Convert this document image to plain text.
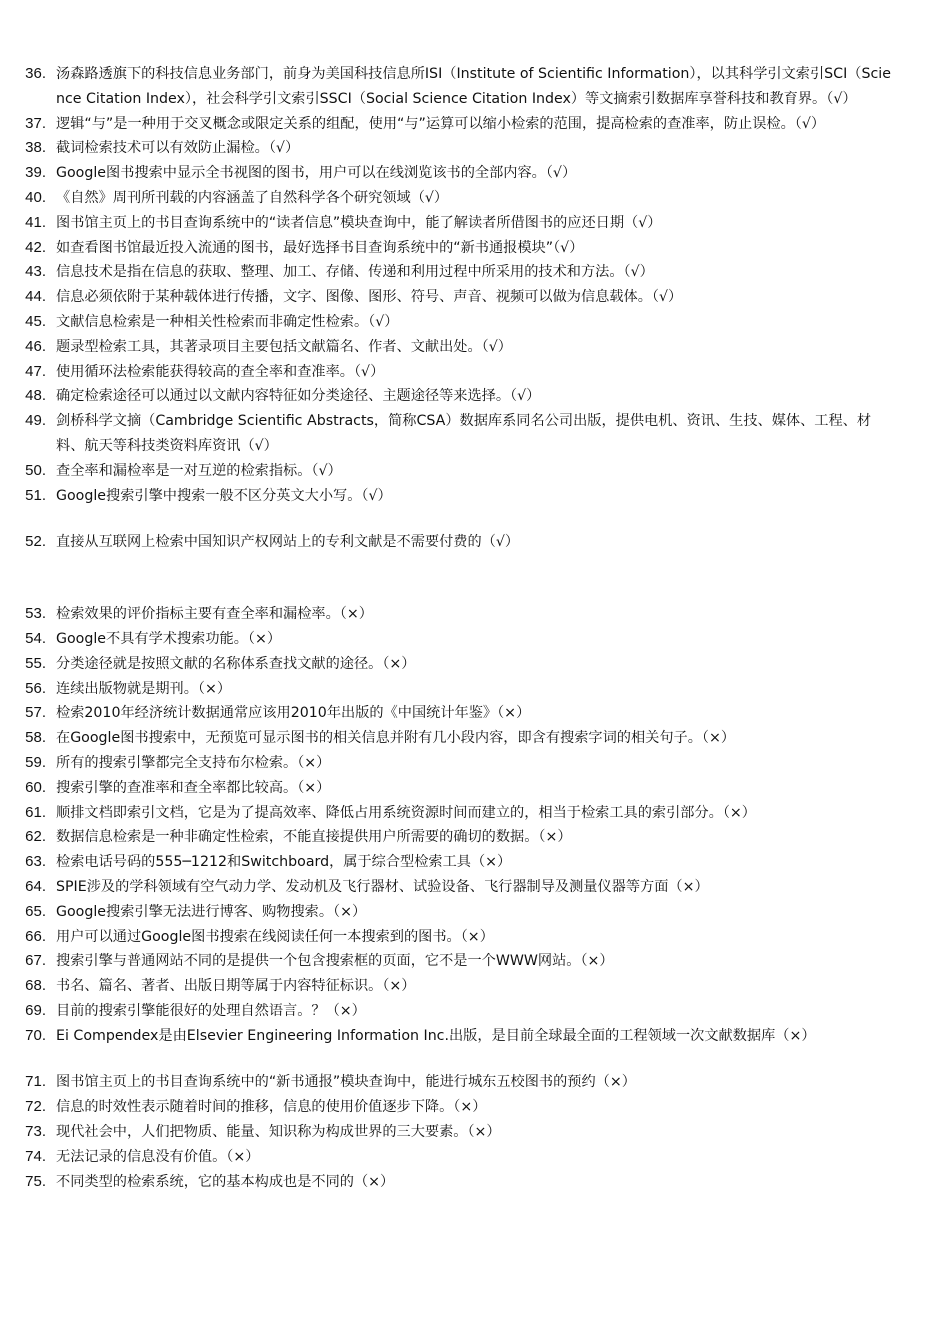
36. 汤森路透旗下的科技信息业务部门，前身为美国科技信息所ISI（Institute of Scientific Information），以其科学引文索引SCI（Science Citation Index），社会科学引文索引SSCI（Social Science Citation Index）等文摘索引数据库享誉科技和教育界。（√）
37. 逻辑“与”是一种用于交叉概念或限定关系的组配，使用“与”运算可以缩小检索的范围，提高检索的查准率，防止误检。（√）
38. 截词检索技术可以有效防止漏检。（√）
39. Google图书搜索中显示全书视图的图书，用户可以在线浏览该书的全部内容。（√）
40. 《自然》周刊所刊载的内容涵盖了自然科学各个研究领域（√）
41. 图书馆主页上的书目查询系统中的“读者信息”模块查询中，能了解读者所借图书的应还日期（√）
42. 如查看图书馆最近投入流通的图书，最好选择书目查询系统中的“新书通报模块”（√）
43. 信息技术是指在信息的获取、整理、加工、存储、传递和利用过程中所采用的技术和方法。（√）
44. 信息必须依附于某种载体进行传播，文字、图像、图形、符号、声音、视频可以做为信息载体。（√）
45. 文献信息检索是一种相关性检索而非确定性检索。（√）
46. 题录型检索工具，其著录项目主要包括文献篇名、作者、文献出处。（√）
47. 使用循环法检索能获得较高的查全率和查准率。（√）
48. 确定检索途径可以通过以文献内容特征如分类途径、主题途径等来选择。（√）
49. 剑桥科学文摘（Cambridge Scientific Abstracts，简称CSA）数据库系同名公司出版，提供电机、资讯、生技、媒体、工程、材料、航天等科技类资料库资讯（√）
50. 查全率和漏检率是一对互逆的检索指标。（√）
51. Google搜索引擎中搜索一般不区分英文大小写。（√）
52. 直接从互联网上检索中国知识产权网站上的专利文献是不需要付费的（√）
53. 检索效果的评价指标主要有查全率和漏检率。（×）
54. Google不具有学术搜索功能。（×）
55. 分类途径就是按照文献的名称体系查找文献的途径。（×）
56. 连续出版物就是期刊。（×）
57. 检索2010年经济统计数据通常应该用2010年出版的《中国统计年鉴》（×）
58. 在Google图书搜索中，无预览可显示图书的相关信息并附有几小段内容，即含有搜索字词的相关句子。（×）
59. 所有的搜索引擎都完全支持布尔检索。（×）
60. 搜索引擎的查准率和查全率都比较高。（×）
61. 顺排文档即索引文档，它是为了提高效率、降低占用系统资源时间而建立的，相当于检索工具的索引部分。（×）
62. 数据信息检索是一种非确定性检索，不能直接提供用户所需要的确切的数据。（×）
63. 检索电话号码的555─1212和Switchboard，属于综合型检索工具（×）
64. SPIE涉及的学科领域有空气动力学、发动机及飞行器材、试验设备、飞行器制导及测量仪器等方面（×）
65. Google搜索引擎无法进行博客、购物搜索。（×）
66. 用户可以通过Google图书搜索在线阅读任何一本搜索到的图书。（×）
67. 搜索引擎与普通网站不同的是提供一个包含搜索框的页面，它不是一个WWW网站。（×）
68. 书名、篇名、著者、出版日期等属于内容特征标识。（×）
69. 目前的搜索引擎能很好的处理自然语言。？（×）
70. Ei Compendex是由Elsevier Engineering Information Inc.出版，是目前全球最全面的工程领域一次文献数据库（×）
71. 图书馆主页上的书目查询系统中的“新书通报”模块查询中，能进行城东五校图书的预约（×）
72. 信息的时效性表示随着时间的推移，信息的使用价值逐步下降。（×）
73. 现代社会中，人们把物质、能量、知识称为构成世界的三大要素。（×）
74. 无法记录的信息没有价值。（×）
75. 不同类型的检索系统，它的基本构成也是不同的（×）
